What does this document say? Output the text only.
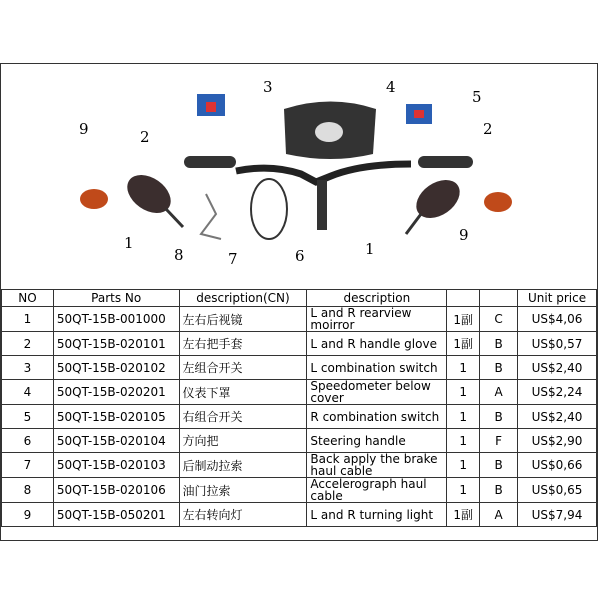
3	4
5
9	2	2
1
8	7	6	1
9
NO	Parts No	description(CN)	description			Unit price
1	50QT-15B-001000	左右后视镜	L and R rearview moirror	1副	C	US$4,06
2	50QT-15B-020101	左右把手套	L and R handle glove	1副	B	US$0,57
3	50QT-15B-020102	左组合开关	L combination switch	1	B	US$2,40
4	50QT-15B-020201	仪表下罩	Speedometer below cover	1	A	US$2,24
5	50QT-15B-020105	右组合开关	R combination switch	1	B	US$2,40
6	50QT-15B-020104	方向把	Steering handle	1	F	US$2,90
7	50QT-15B-020103	后制动拉索	Back apply the brake haul cable	1	B	US$0,66
8	50QT-15B-020106	油门拉索	Accelerograph haul cable	1	B	US$0,65
9	50QT-15B-050201	左右转向灯	L and R turning light	1副	A	US$7,94
